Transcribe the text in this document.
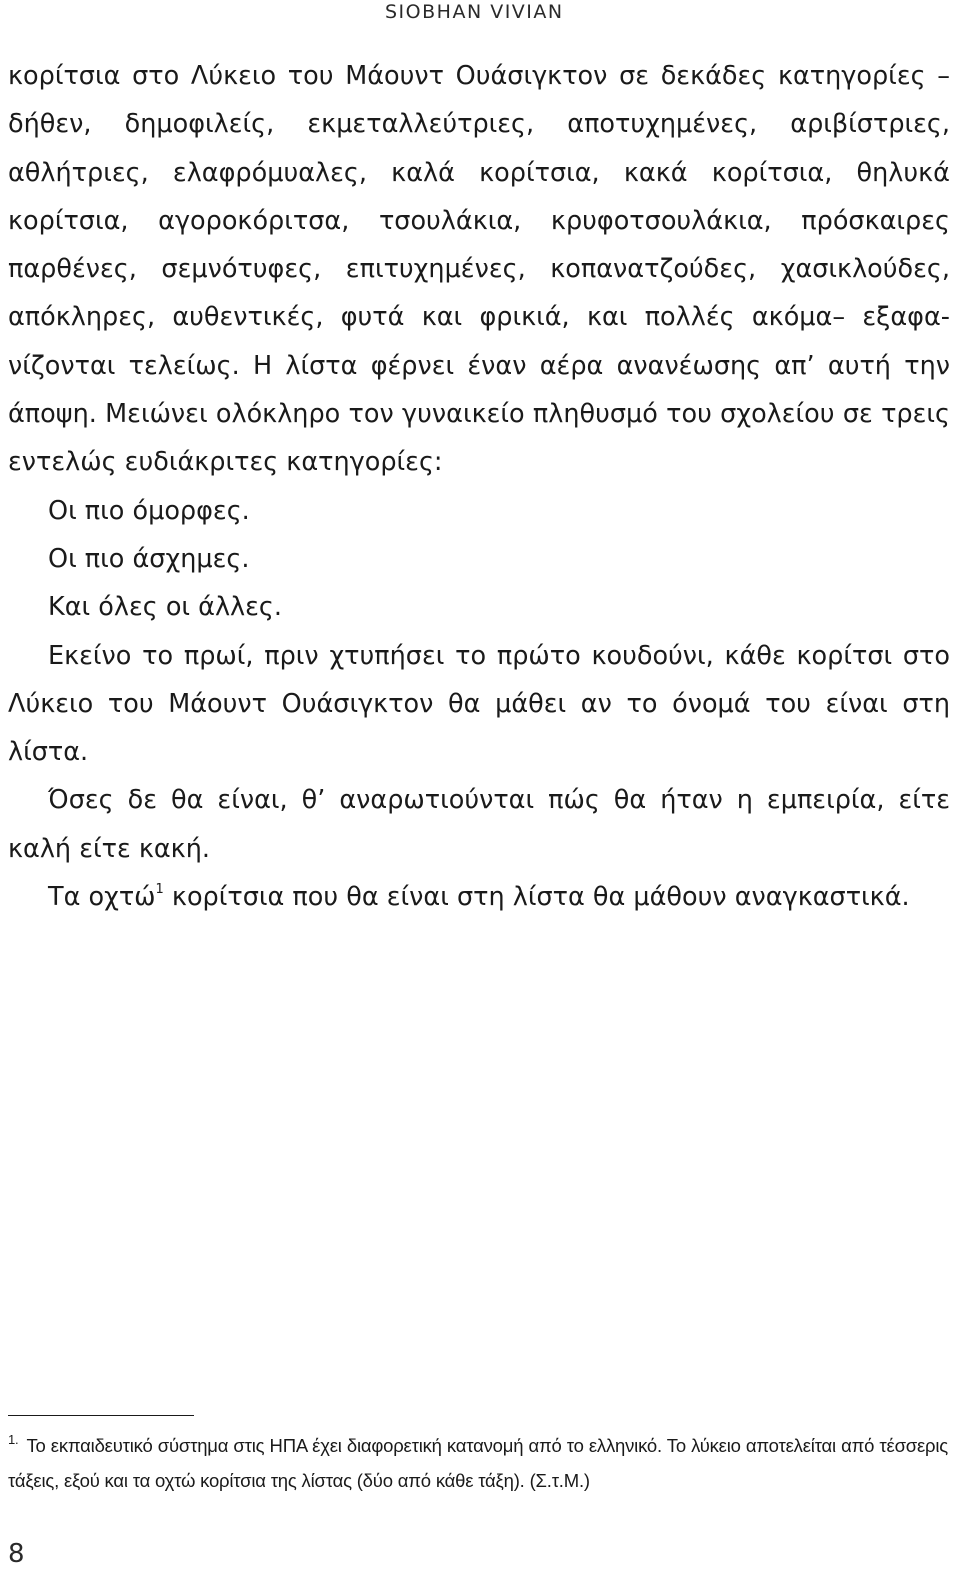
SIOBHAN VIVIAN

κορίτσια στο Λύκειο του Μάουντ Ουάσιγκτον σε δεκάδες κατηγορίες –δήθεν, δημοφιλείς, εκμεταλλεύτριες, αποτυχημένες, αριβίστριες, αθλήτριες, ελαφρόμυαλες, καλά κορίτσια, κακά κορίτσια, θηλυκά κορίτσια, αγοροκόριτσα, τσουλάκια, κρυφοτσουλάκια, πρόσκαιρες παρθένες, σεμνότυφες, επιτυχημένες, κοπανατζούδες, χασικλούδες, απόκληρες, αυθεντικές, φυτά και φρικιά, και πολλές ακόμα– εξαφανίζονται τελείως. Η λίστα φέρνει έναν αέρα ανανέωσης απ’ αυτή την άποψη. Μειώνει ολόκληρο τον γυναικείο πληθυσμό του σχολείου σε τρεις εντελώς ευδιάκριτες κατηγορίες:

Οι πιο όμορφες.

Οι πιο άσχημες.

Και όλες οι άλλες.

Εκείνο το πρωί, πριν χτυπήσει το πρώτο κουδούνι, κάθε κορίτσι στο Λύκειο του Μάουντ Ουάσιγκτον θα μάθει αν το όνομά του είναι στη λίστα.

Όσες δε θα είναι, θ’ αναρωτιούνται πώς θα ήταν η εμπειρία, είτε καλή είτε κακή.

Τα οχτώ$^1$ κορίτσια που θα είναι στη λίστα θα μάθουν αναγκαστικά.

$^{1.}$ Το εκπαιδευτικό σύστημα στις ΗΠΑ έχει διαφορετική κατανομή από το ελληνικό. Το λύκειο αποτελείται από τέσσερις τάξεις, εξού και τα οχτώ κορίτσια της λίστας (δύο από κάθε τάξη). (Σ.τ.Μ.)
8
